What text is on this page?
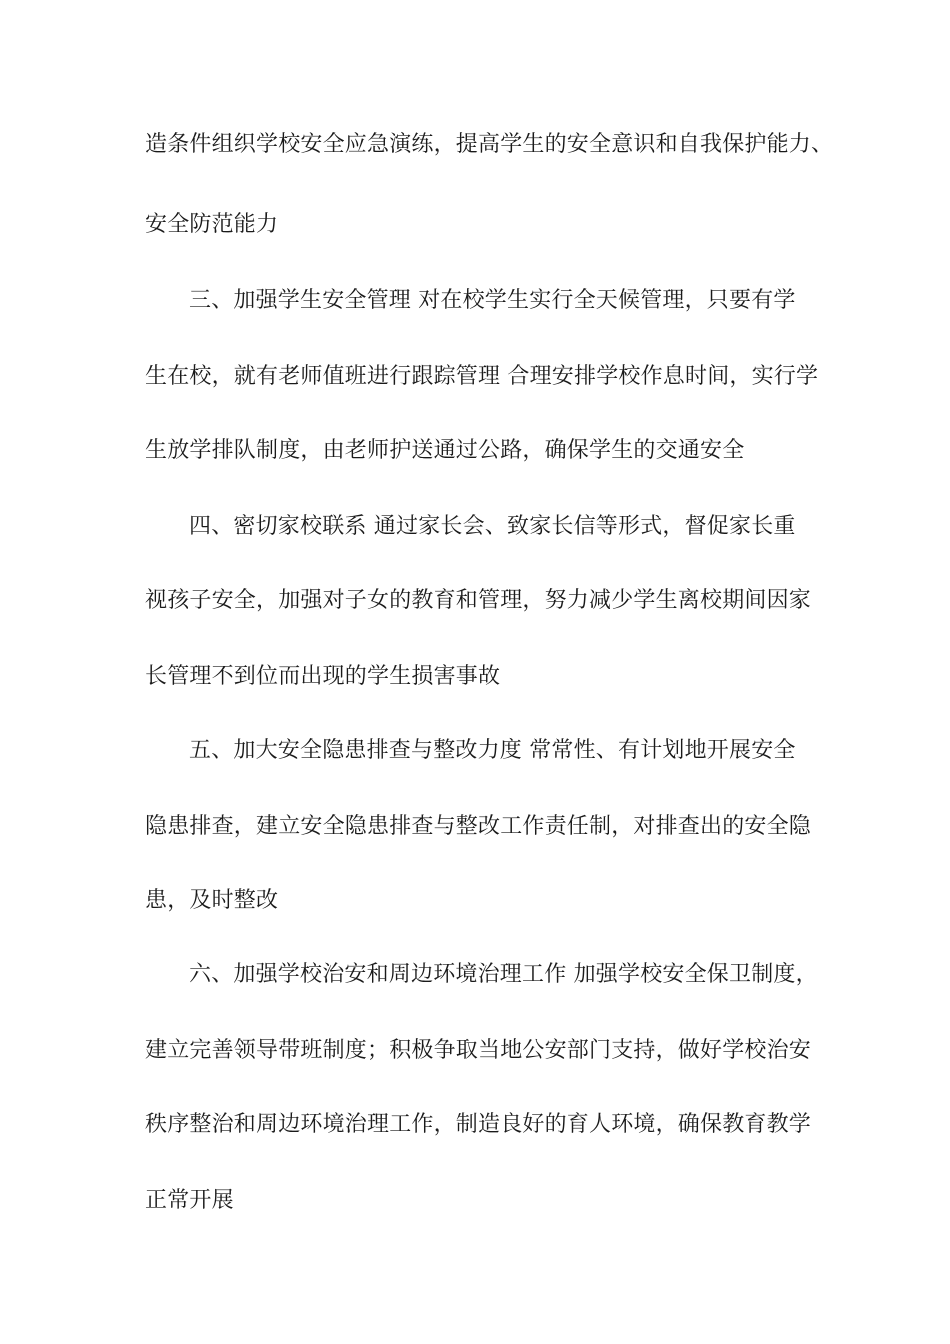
造条件组织学校安全应急演练，提高学生的安全意识和自我保护能力、
安全防范能力
三、加强学生安全管理 对在校学生实行全天候管理，只要有学
生在校，就有老师值班进行跟踪管理 合理安排学校作息时间，实行学
生放学排队制度，由老师护送通过公路，确保学生的交通安全
四、密切家校联系 通过家长会、致家长信等形式，督促家长重
视孩子安全，加强对子女的教育和管理，努力减少学生离校期间因家
长管理不到位而出现的学生损害事故
五、加大安全隐患排查与整改力度 常常性、有计划地开展安全
隐患排查，建立安全隐患排查与整改工作责任制，对排查出的安全隐
患，及时整改
六、加强学校治安和周边环境治理工作 加强学校安全保卫制度，
建立完善领导带班制度；积极争取当地公安部门支持，做好学校治安
秩序整治和周边环境治理工作，制造良好的育人环境，确保教育教学
正常开展
